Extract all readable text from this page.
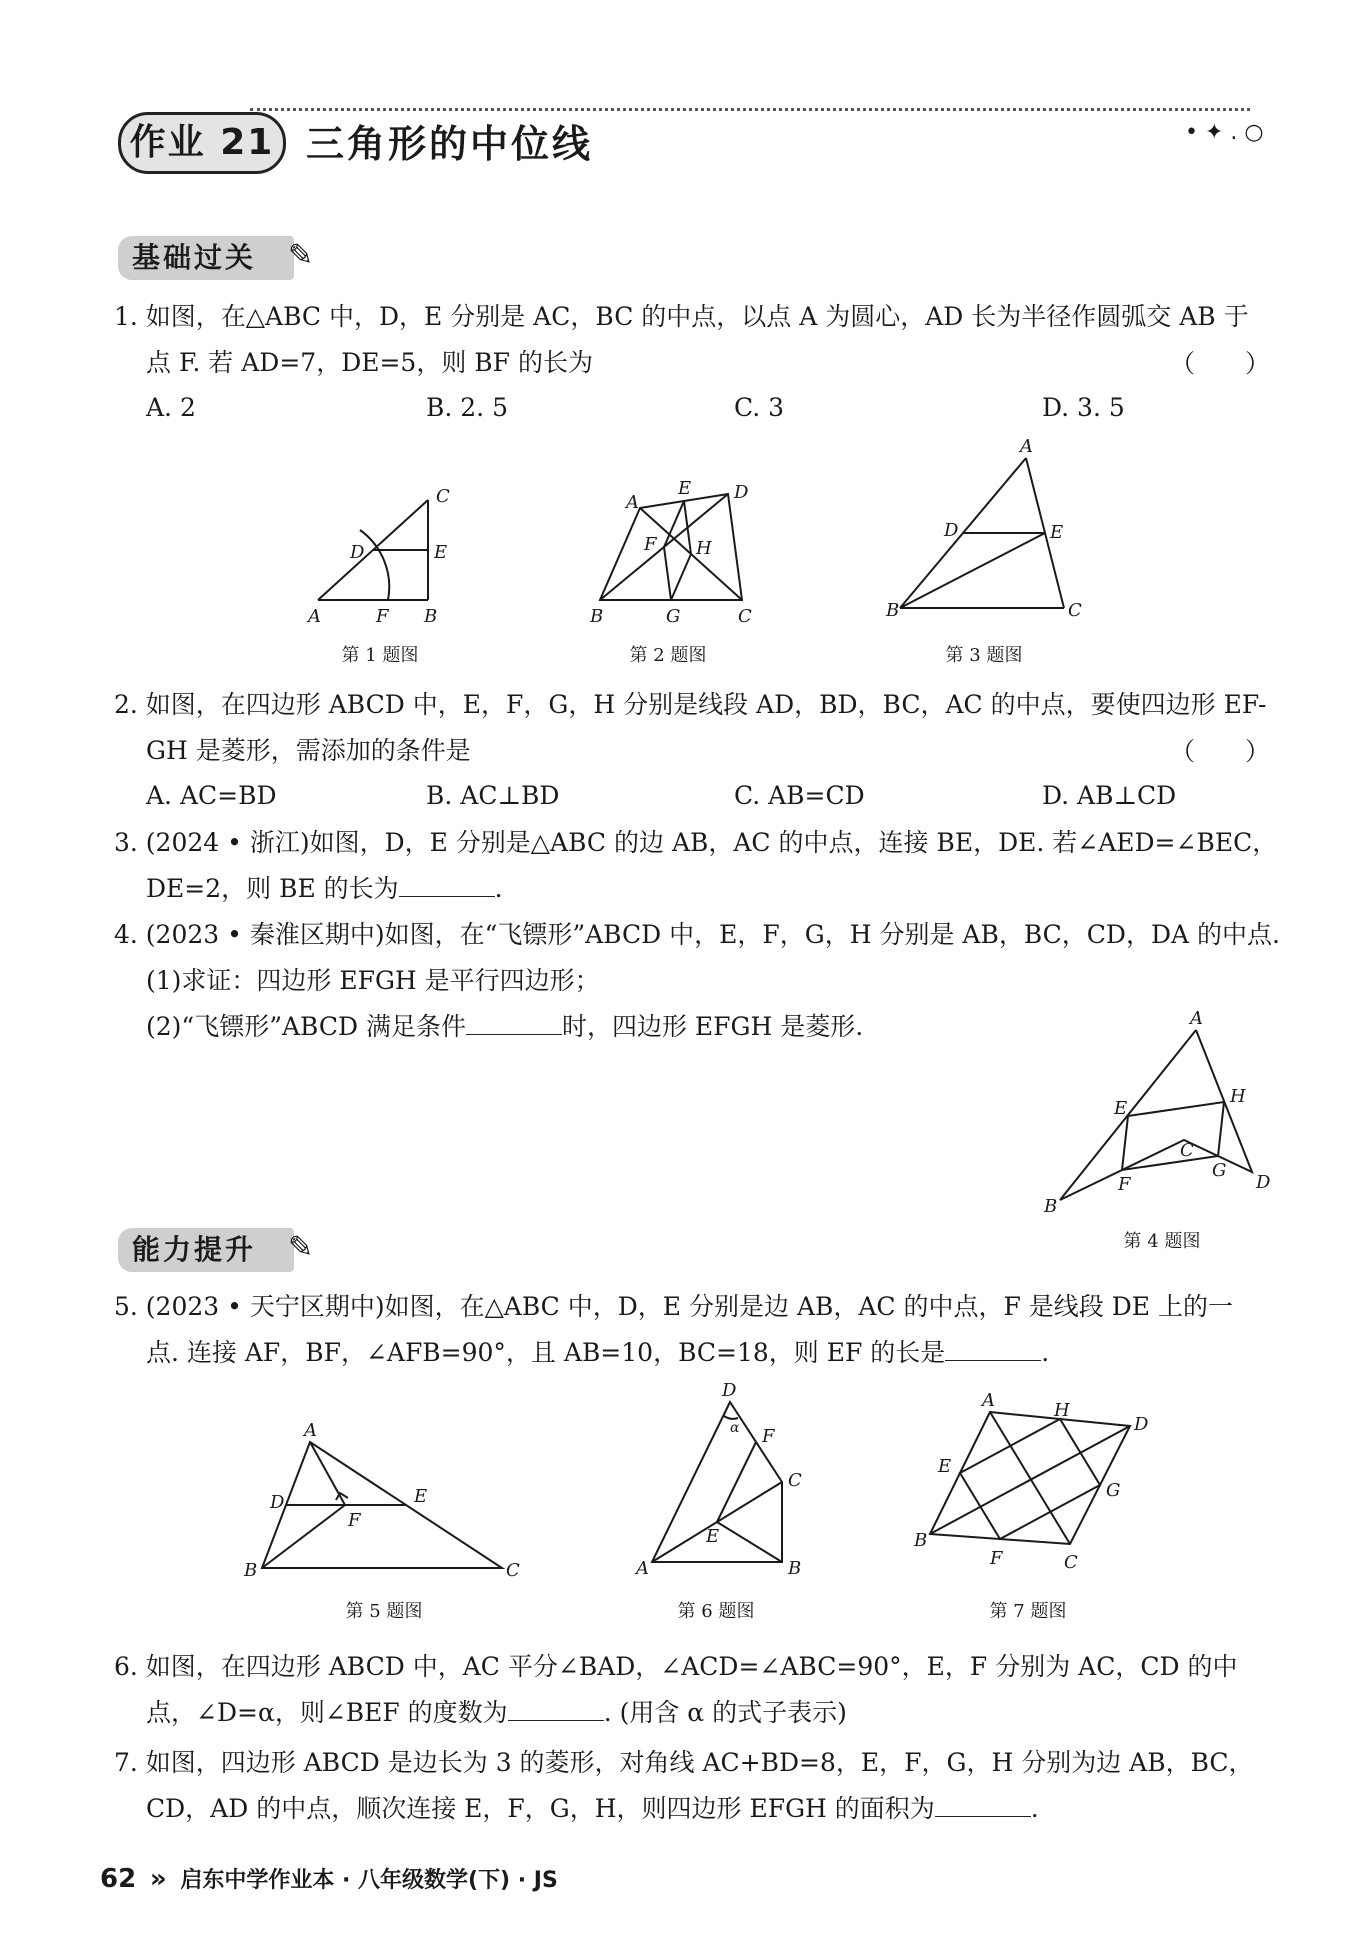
作业 21 三角形的中位线	• ✦ . ○
基础过关	✎
1. 如图，在△ABC 中，D，E 分别是 AC，BC 的中点，以点 A 为圆心，AD 长为半径作圆弧交 AB 于
点 F. 若 AD=7，DE=5，则 BF 的长为	（　　）
A. 2	B. 2. 5	C. 3	D. 3. 5
A	B
C
D	E
F
A
B	C
D
E
F
G
H
A
B	C
D	E
第 1 题图	第 2 题图	第 3 题图
2. 如图，在四边形 ABCD 中，E，F，G，H 分别是线段 AD，BD，BC，AC 的中点，要使四边形 EF-
GH 是菱形，需添加的条件是	（　　）
A. AC=BD	B. AC⊥BD	C. AB=CD	D. AB⊥CD
3. (2024 • 浙江)如图，D，E 分别是△ABC 的边 AB，AC 的中点，连接 BE，DE. 若∠AED=∠BEC，
DE=2，则 BE 的长为	.
4. (2023 • 秦淮区期中)如图，在“飞镖形”ABCD 中，E，F，G，H 分别是 AB，BC，CD，DA 的中点.
(1)求证：四边形 EFGH 是平行四边形；
(2)“飞镖形”ABCD 满足条件	时，四边形 EFGH 是菱形.	A
B
C
D
E
F
G
H
第 4 题图
能力提升	✎
5. (2023 • 天宁区期中)如图，在△ABC 中，D，E 分别是边 AB，AC 的中点，F 是线段 DE 上的一
点. 连接 AF，BF，∠AFB=90°，且 AB=10，BC=18，则 EF 的长是	.
A
B	C
D	E
F
D
α F
C
E
A	B
A
B
C
D
E
F
G
H
第 5 题图	第 6 题图	第 7 题图
6. 如图，在四边形 ABCD 中，AC 平分∠BAD，∠ACD=∠ABC=90°，E，F 分别为 AC，CD 的中
点，∠D=α，则∠BEF 的度数为	. (用含 α 的式子表示)
7. 如图，四边形 ABCD 是边长为 3 的菱形，对角线 AC+BD=8，E，F，G，H 分别为边 AB，BC，
CD，AD 的中点，顺次连接 E，F，G，H，则四边形 EFGH 的面积为	.
62 » 启东中学作业本 · 八年级数学(下) · JS
